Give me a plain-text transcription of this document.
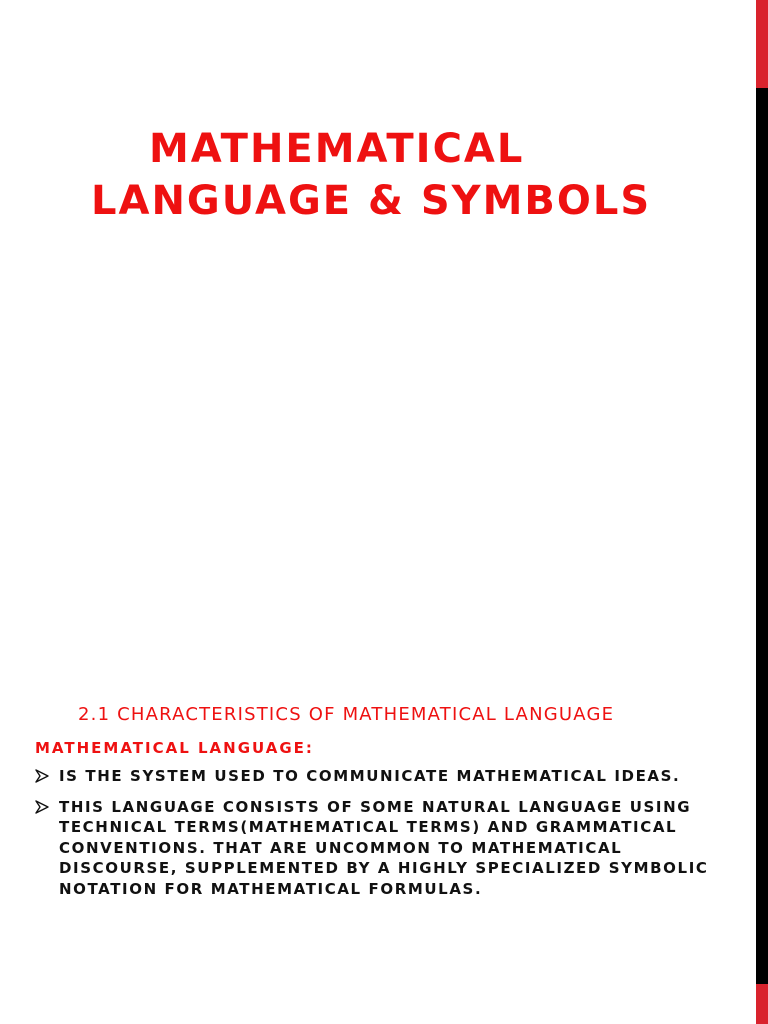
MATHEMATICAL
LANGUAGE & SYMBOLS
2.1 CHARACTERISTICS OF MATHEMATICAL LANGUAGE
MATHEMATICAL LANGUAGE:
IS THE SYSTEM USED TO COMMUNICATE MATHEMATICAL IDEAS.
THIS LANGUAGE CONSISTS OF SOME NATURAL LANGUAGE USING TECHNICAL TERMS(MATHEMATICAL TERMS) AND GRAMMATICAL CONVENTIONS. THAT ARE UNCOMMON TO MATHEMATICAL DISCOURSE, SUPPLEMENTED BY A HIGHLY SPECIALIZED SYMBOLIC NOTATION FOR MATHEMATICAL FORMULAS.
